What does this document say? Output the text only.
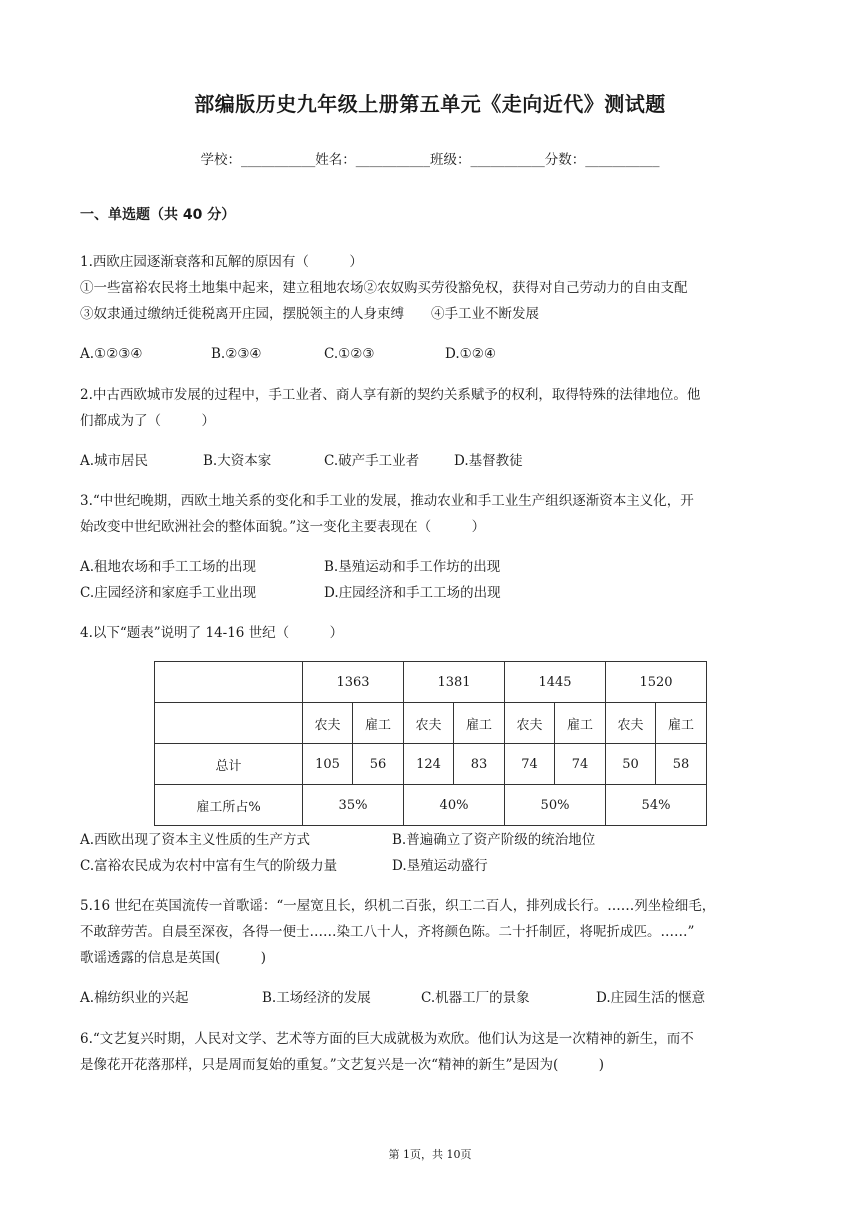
部编版历史九年级上册第五单元《走向近代》测试题
学校：___________姓名：___________班级：___________分数：___________
一、单选题（共 40 分）
1.西欧庄园逐渐衰落和瓦解的原因有（　　　）
①一些富裕农民将土地集中起来，建立租地农场②农奴购买劳役豁免权，获得对自己劳动力的自由支配
③奴隶通过缴纳迁徙税离开庄园，摆脱领主的人身束缚　　④手工业不断发展
A.①②③④	B.②③④	C.①②③	D.①②④
2.中古西欧城市发展的过程中，手工业者、商人享有新的契约关系赋予的权利，取得特殊的法律地位。他
们都成为了（　　　）
A.城市居民	B.大资本家	C.破产手工业者	D.基督教徒
3.“中世纪晚期，西欧土地关系的变化和手工业的发展，推动农业和手工业生产组织逐渐资本主义化，开
始改变中世纪欧洲社会的整体面貌。”这一变化主要表现在（　　　）
A.租地农场和手工工场的出现	B.垦殖运动和手工作坊的出现
C.庄园经济和家庭手工业出现	D.庄园经济和手工工场的出现
4.以下“题表”说明了 14-16 世纪（　　　）
	1363		1381		1445		1520	
	农夫	雇工	农夫	雇工	农夫	雇工	农夫	雇工
总计	105	56	124	83	74	74	50	58
雇工所占%	35%		40%		50%		54%	
A.西欧出现了资本主义性质的生产方式	B.普遍确立了资产阶级的统治地位
C.富裕农民成为农村中富有生气的阶级力量	D.垦殖运动盛行
5.16 世纪在英国流传一首歌谣：“一屋宽且长，织机二百张，织工二百人，排列成长行。……列坐检细毛，
不敢辞劳苦。自晨至深夜，各得一便士……染工八十人，齐将颜色陈。二十扦制匠，将呢折成匹。……”
歌谣透露的信息是英国(　　　)
A.棉纺织业的兴起	B.工场经济的发展	C.机器工厂的景象	D.庄园生活的惬意
6.“文艺复兴时期，人民对文学、艺术等方面的巨大成就极为欢欣。他们认为这是一次精神的新生，而不
是像花开花落那样，只是周而复始的重复。”文艺复兴是一次“精神的新生”是因为(　　　)
第 1页，共 10页
